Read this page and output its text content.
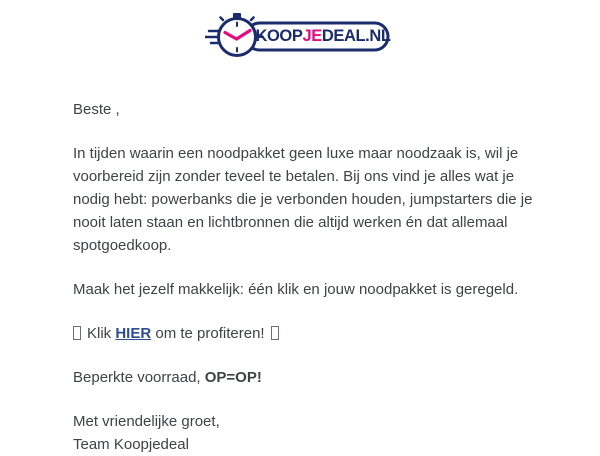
KOOP JE DEAL.NL

Beste ,

In tijden waarin een noodpakket geen luxe maar noodzaak is, wil je
voorbereid zijn zonder teveel te betalen. Bij ons vind je alles wat je
nodig hebt: powerbanks die je verbonden houden, jumpstarters die je
nooit laten staan en lichtbronnen die altijd werken én dat allemaal
spotgoedkoop.

Maak het jezelf makkelijk: één klik en jouw noodpakket is geregeld.

Klik HIER om te profiteren!

Beperkte voorraad, OP=OP!

Met vriendelijke groet,
Team Koopjedeal
